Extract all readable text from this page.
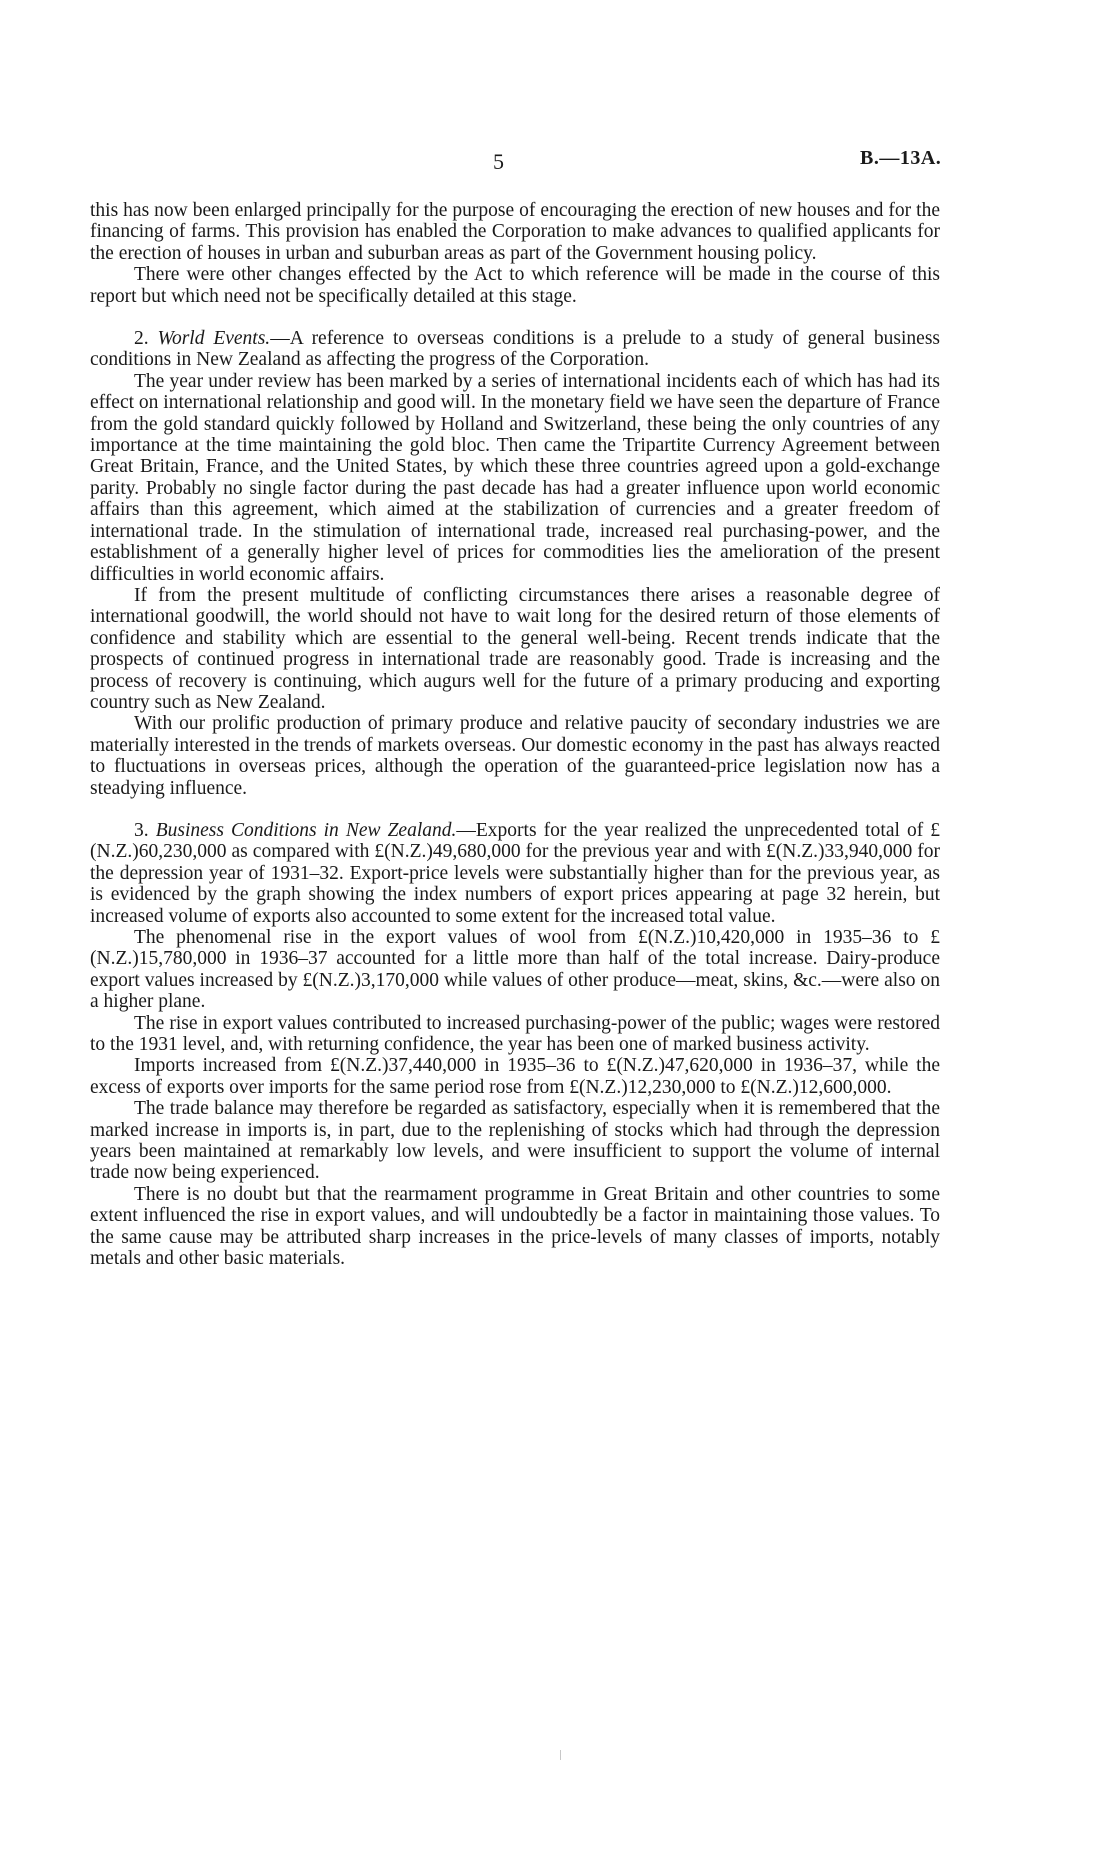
5	B.—13A.

this has now been enlarged principally for the purpose of encouraging the erection of new houses and for the financing of farms. This provision has enabled the Corporation to make advances to qualified applicants for the erection of houses in urban and suburban areas as part of the Government housing policy.

There were other changes effected by the Act to which reference will be made in the course of this report but which need not be specifically detailed at this stage.

2. World Events.—A reference to overseas conditions is a prelude to a study of general business conditions in New Zealand as affecting the progress of the Corporation.

The year under review has been marked by a series of international incidents each of which has had its effect on international relationship and good will. In the monetary field we have seen the departure of France from the gold standard quickly followed by Holland and Switzerland, these being the only countries of any importance at the time maintaining the gold bloc. Then came the Tripartite Currency Agreement between Great Britain, France, and the United States, by which these three countries agreed upon a gold-exchange parity. Probably no single factor during the past decade has had a greater influence upon world economic affairs than this agreement, which aimed at the stabilization of currencies and a greater freedom of international trade. In the stimulation of international trade, increased real purchasing-power, and the establishment of a generally higher level of prices for commodities lies the amelioration of the present difficulties in world economic affairs.

If from the present multitude of conflicting circumstances there arises a reasonable degree of international goodwill, the world should not have to wait long for the desired return of those elements of confidence and stability which are essential to the general well-being. Recent trends indicate that the prospects of continued progress in international trade are reasonably good. Trade is increasing and the process of recovery is continuing, which augurs well for the future of a primary producing and exporting country such as New Zealand.

With our prolific production of primary produce and relative paucity of secondary industries we are materially interested in the trends of markets overseas. Our domestic economy in the past has always reacted to fluctuations in overseas prices, although the operation of the guaranteed-price legislation now has a steadying influence.

3. Business Conditions in New Zealand.—Exports for the year realized the unprecedented total of £(N.Z.)60,230,000 as compared with £(N.Z.)49,680,000 for the previous year and with £(N.Z.)33,940,000 for the depression year of 1931–32. Export-price levels were substantially higher than for the previous year, as is evidenced by the graph showing the index numbers of export prices appearing at page 32 herein, but increased volume of exports also accounted to some extent for the increased total value.

The phenomenal rise in the export values of wool from £(N.Z.)10,420,000 in 1935–36 to £(N.Z.)15,780,000 in 1936–37 accounted for a little more than half of the total increase. Dairy-produce export values increased by £(N.Z.)3,170,000 while values of other produce—meat, skins, &c.—were also on a higher plane.

The rise in export values contributed to increased purchasing-power of the public; wages were restored to the 1931 level, and, with returning confidence, the year has been one of marked business activity.

Imports increased from £(N.Z.)37,440,000 in 1935–36 to £(N.Z.)47,620,000 in 1936–37, while the excess of exports over imports for the same period rose from £(N.Z.)12,230,000 to £(N.Z.)12,600,000.

The trade balance may therefore be regarded as satisfactory, especially when it is remembered that the marked increase in imports is, in part, due to the replenishing of stocks which had through the depression years been maintained at remarkably low levels, and were insufficient to support the volume of internal trade now being experienced.

There is no doubt but that the rearmament programme in Great Britain and other countries to some extent influenced the rise in export values, and will undoubtedly be a factor in maintaining those values. To the same cause may be attributed sharp increases in the price-levels of many classes of imports, notably metals and other basic materials.
